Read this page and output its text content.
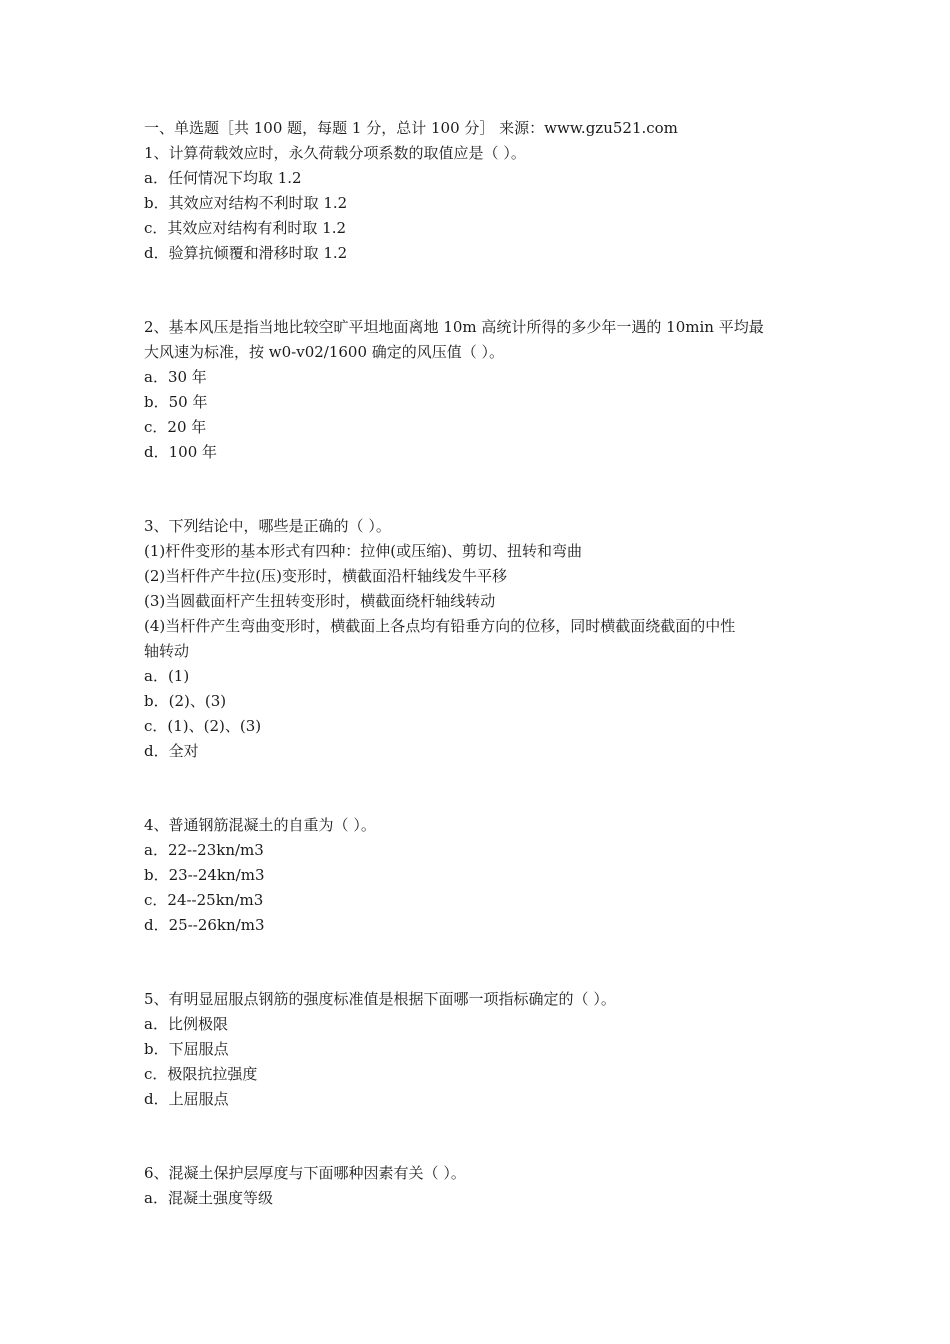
一、单选题［共 100 题，每题 1 分，总计 100 分］ 来源：www.gzu521.com
1、计算荷载效应时，永久荷载分项系数的取值应是（ ）。
a．任何情况下均取 1.2
b．其效应对结构不利时取 1.2
c．其效应对结构有利时取 1.2
d．验算抗倾覆和滑移时取 1.2
2、基本风压是指当地比较空旷平坦地面离地 10m 高统计所得的多少年一遇的 10min 平均最
大风速为标准，按 w0-v02/1600 确定的风压值（ ）。
a．30 年
b．50 年
c．20 年
d．100 年
3、下列结论中，哪些是正确的（ ）。
(1)杆件变形的基本形式有四种：拉伸(或压缩)、剪切、扭转和弯曲
(2)当杆件产牛拉(压)变形时，横截面沿杆轴线发牛平移
(3)当圆截面杆产生扭转变形时，横截面绕杆轴线转动
(4)当杆件产生弯曲变形时，横截面上各点均有铅垂方向的位移，同时横截面绕截面的中性
轴转动
a．(1)
b．(2)、(3)
c．(1)、(2)、(3)
d．全对
4、普通钢筋混凝土的自重为（ ）。
a．22--23kn/m3
b．23--24kn/m3
c．24--25kn/m3
d．25--26kn/m3
5、有明显屈服点钢筋的强度标准值是根据下面哪一项指标确定的（ ）。
a．比例极限
b．下屈服点
c．极限抗拉强度
d．上屈服点
6、混凝土保护层厚度与下面哪种因素有关（ ）。
a．混凝土强度等级
